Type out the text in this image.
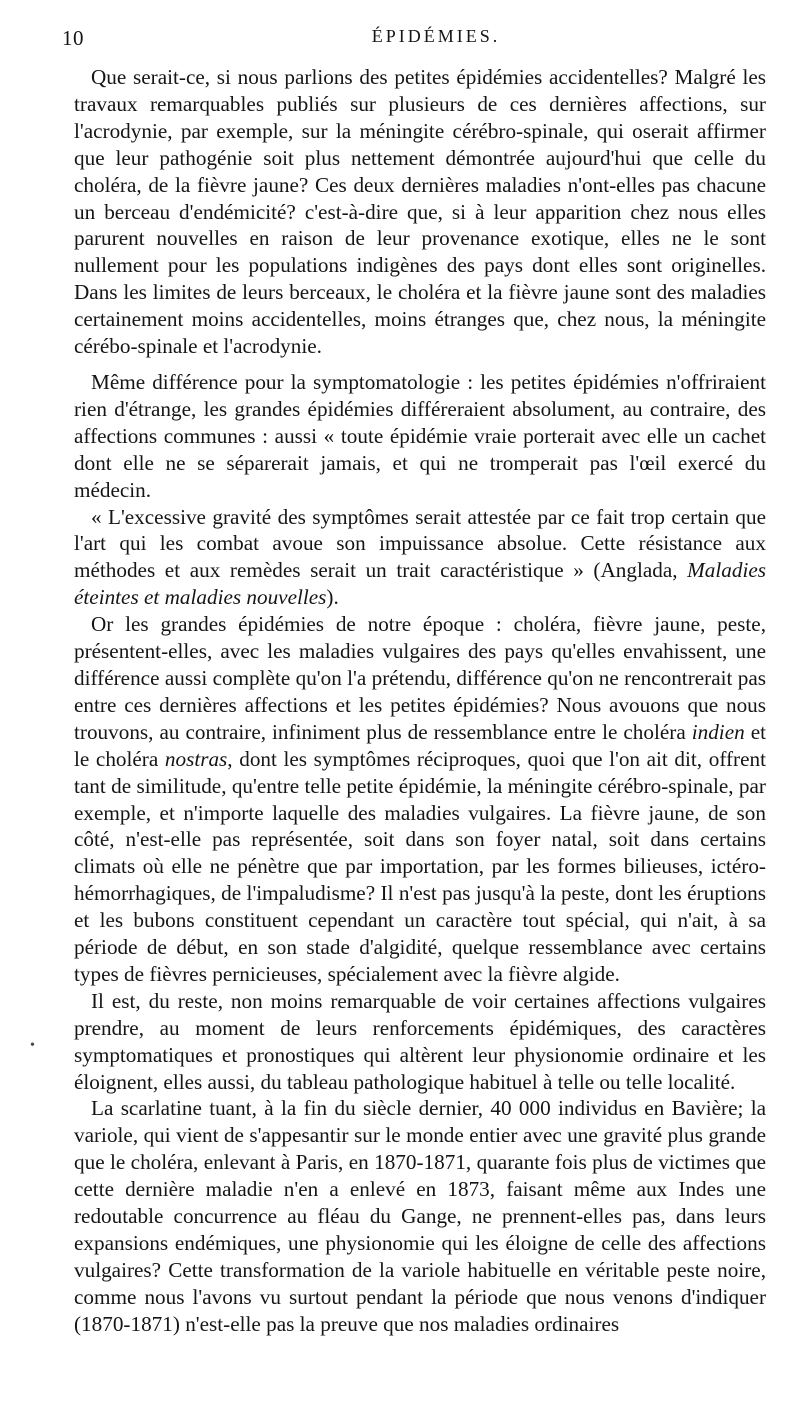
10	ÉPIDÉMIES.

Que serait-ce, si nous parlions des petites épidémies accidentelles? Malgré les travaux remarquables publiés sur plusieurs de ces dernières affections, sur l'acrodynie, par exemple, sur la méningite cérébro-spinale, qui oserait affirmer que leur pathogénie soit plus nettement démontrée aujourd'hui que celle du choléra, de la fièvre jaune? Ces deux dernières maladies n'ont-elles pas chacune un berceau d'endémicité? c'est-à-dire que, si à leur apparition chez nous elles parurent nouvelles en raison de leur provenance exotique, elles ne le sont nullement pour les populations indigènes des pays dont elles sont originelles. Dans les limites de leurs berceaux, le choléra et la fièvre jaune sont des maladies certainement moins accidentelles, moins étranges que, chez nous, la méningite cérébo-spinale et l'acrodynie.

Même différence pour la symptomatologie : les petites épidémies n'offriraient rien d'étrange, les grandes épidémies différeraient absolument, au contraire, des affections communes : aussi « toute épidémie vraie porterait avec elle un cachet dont elle ne se séparerait jamais, et qui ne tromperait pas l'œil exercé du médecin.

« L'excessive gravité des symptômes serait attestée par ce fait trop certain que l'art qui les combat avoue son impuissance absolue. Cette résistance aux méthodes et aux remèdes serait un trait caractéristique » (Anglada, Maladies éteintes et maladies nouvelles).

Or les grandes épidémies de notre époque : choléra, fièvre jaune, peste, présentent-elles, avec les maladies vulgaires des pays qu'elles envahissent, une différence aussi complète qu'on l'a prétendu, différence qu'on ne rencontrerait pas entre ces dernières affections et les petites épidémies? Nous avouons que nous trouvons, au contraire, infiniment plus de ressemblance entre le choléra indien et le choléra nostras, dont les symptômes réciproques, quoi que l'on ait dit, offrent tant de similitude, qu'entre telle petite épidémie, la méningite cérébro-spinale, par exemple, et n'importe laquelle des maladies vulgaires. La fièvre jaune, de son côté, n'est-elle pas représentée, soit dans son foyer natal, soit dans certains climats où elle ne pénètre que par importation, par les formes bilieuses, ictéro-hémorrhagiques, de l'impaludisme? Il n'est pas jusqu'à la peste, dont les éruptions et les bubons constituent cependant un caractère tout spécial, qui n'ait, à sa période de début, en son stade d'algidité, quelque ressemblance avec certains types de fièvres pernicieuses, spécialement avec la fièvre algide.

Il est, du reste, non moins remarquable de voir certaines affections vulgaires prendre, au moment de leurs renforcements épidémiques, des caractères symptomatiques et pronostiques qui altèrent leur physionomie ordinaire et les éloignent, elles aussi, du tableau pathologique habituel à telle ou telle localité.

La scarlatine tuant, à la fin du siècle dernier, 40 000 individus en Bavière; la variole, qui vient de s'appesantir sur le monde entier avec une gravité plus grande que le choléra, enlevant à Paris, en 1870-1871, quarante fois plus de victimes que cette dernière maladie n'en a enlevé en 1873, faisant même aux Indes une redoutable concurrence au fléau du Gange, ne prennent-elles pas, dans leurs expansions endémiques, une physionomie qui les éloigne de celle des affections vulgaires? Cette transformation de la variole habituelle en véritable peste noire, comme nous l'avons vu surtout pendant la période que nous venons d'indiquer (1870-1871) n'est-elle pas la preuve que nos maladies ordinaires

•
